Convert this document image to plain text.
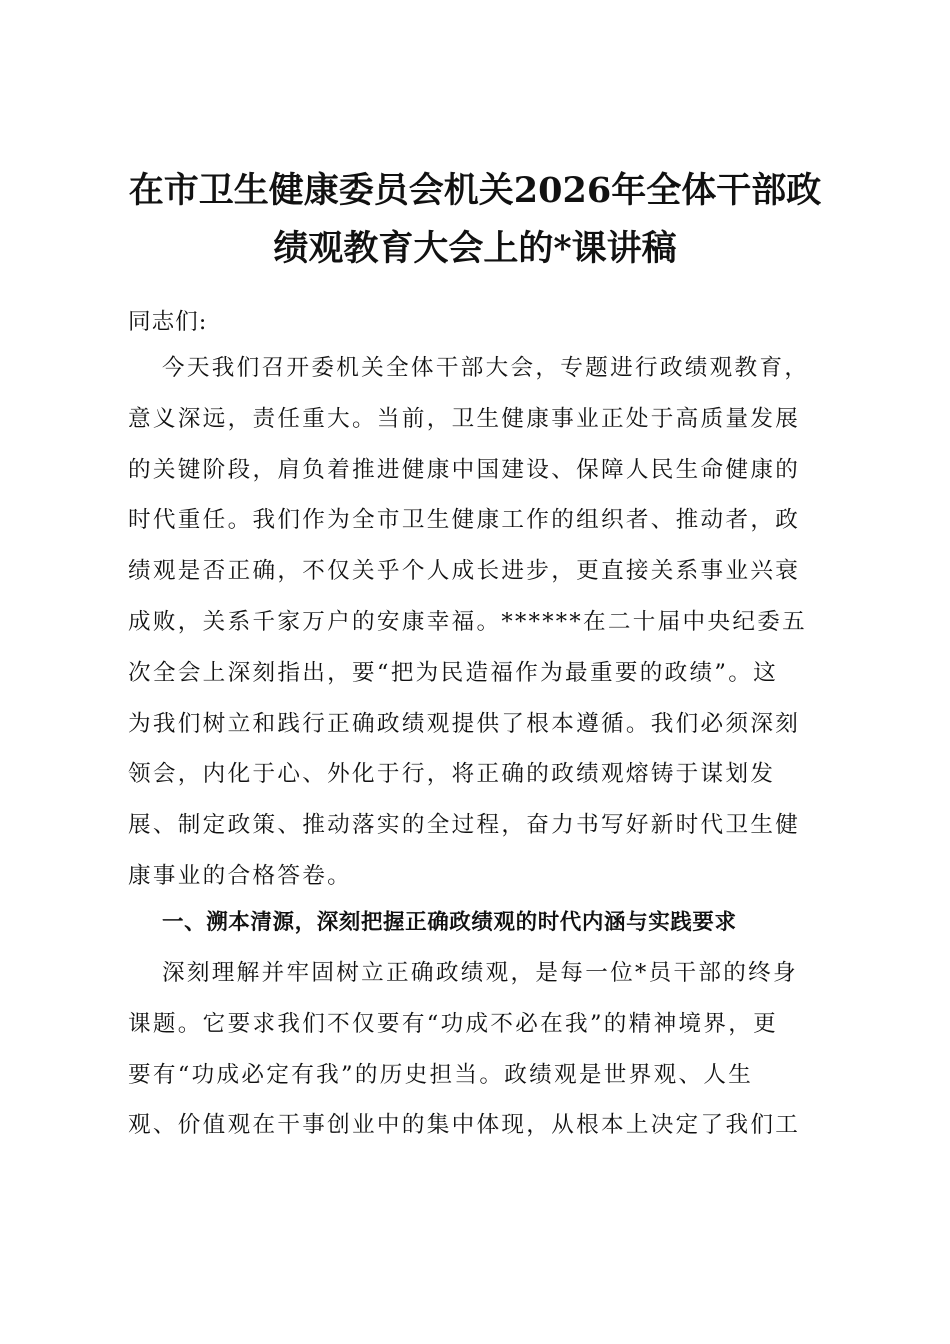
在市卫生健康委员会机关2026年全体干部政
绩观教育大会上的*课讲稿

同志们:

今天我们召开委机关全体干部大会，专题进行政绩观教育，
意义深远，责任重大。当前，卫生健康事业正处于高质量发展
的关键阶段，肩负着推进健康中国建设、保障人民生命健康的
时代重任。我们作为全市卫生健康工作的组织者、推动者，政
绩观是否正确，不仅关乎个人成长进步，更直接关系事业兴衰
成败，关系千家万户的安康幸福。******在二十届中央纪委五
次全会上深刻指出，要“把为民造福作为最重要的政绩”。这
为我们树立和践行正确政绩观提供了根本遵循。我们必须深刻
领会，内化于心、外化于行，将正确的政绩观熔铸于谋划发
展、制定政策、推动落实的全过程，奋力书写好新时代卫生健
康事业的合格答卷。
一、溯本清源，深刻把握正确政绩观的时代内涵与实践要求
深刻理解并牢固树立正确政绩观，是每一位*员干部的终身
课题。它要求我们不仅要有“功成不必在我”的精神境界，更
要有“功成必定有我”的历史担当。政绩观是世界观、人生
观、价值观在干事创业中的集中体现，从根本上决定了我们工
